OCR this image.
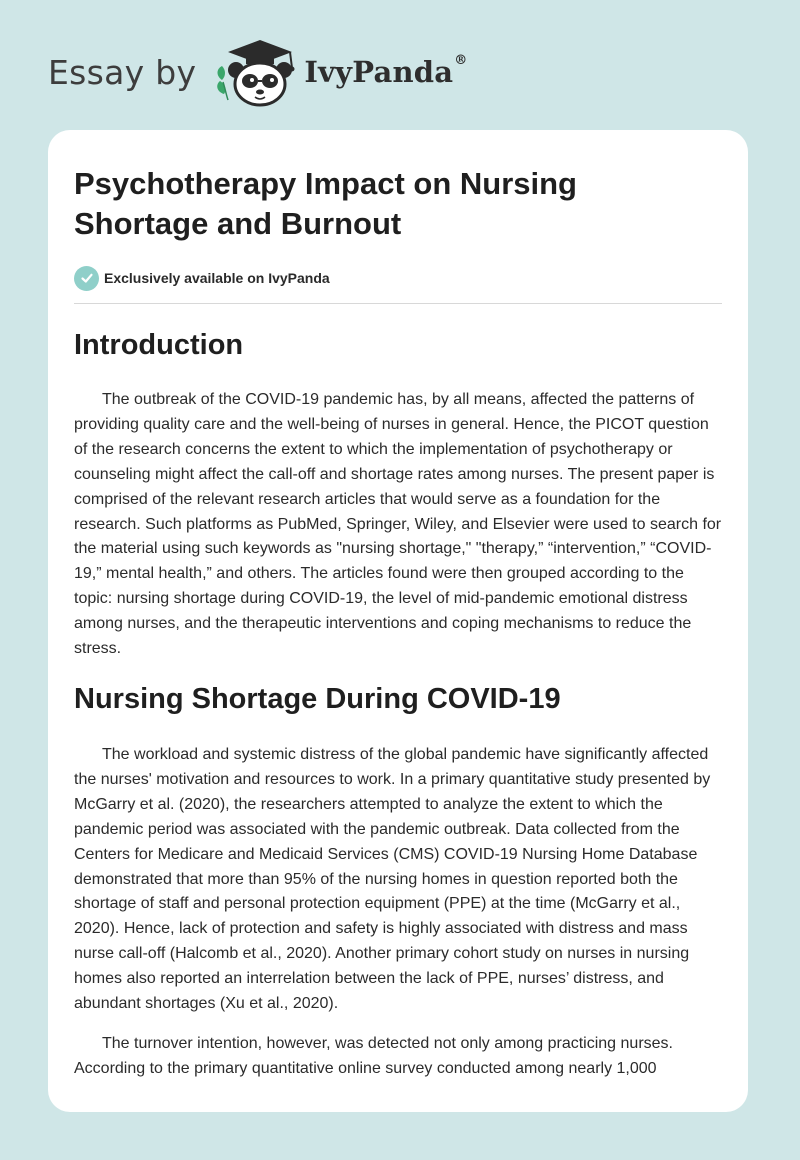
Essay by	IvyPanda®
Psychotherapy Impact on Nursing Shortage and Burnout
Exclusively available on IvyPanda
Introduction

The outbreak of the COVID-19 pandemic has, by all means, affected the patterns of providing quality care and the well-being of nurses in general. Hence, the PICOT question of the research concerns the extent to which the implementation of psychotherapy or counseling might affect the call-off and shortage rates among nurses. The present paper is comprised of the relevant research articles that would serve as a foundation for the research. Such platforms as PubMed, Springer, Wiley, and Elsevier were used to search for the material using such keywords as "nursing shortage," "therapy,” “intervention,” “COVID-19,” mental health,” and others. The articles found were then grouped according to the topic: nursing shortage during COVID-19, the level of mid-pandemic emotional distress among nurses, and the therapeutic interventions and coping mechanisms to reduce the stress.

Nursing Shortage During COVID-19

The workload and systemic distress of the global pandemic have significantly affected the nurses' motivation and resources to work. In a primary quantitative study presented by McGarry et al. (2020), the researchers attempted to analyze the extent to which the pandemic period was associated with the pandemic outbreak. Data collected from the Centers for Medicare and Medicaid Services (CMS) COVID-19 Nursing Home Database demonstrated that more than 95% of the nursing homes in question reported both the shortage of staff and personal protection equipment (PPE) at the time (McGarry et al., 2020). Hence, lack of protection and safety is highly associated with distress and mass nurse call-off (Halcomb et al., 2020). Another primary cohort study on nurses in nursing homes also reported an interrelation between the lack of PPE, nurses’ distress, and abundant shortages (Xu et al., 2020).

The turnover intention, however, was detected not only among practicing nurses. According to the primary quantitative online survey conducted among nearly 1,000
